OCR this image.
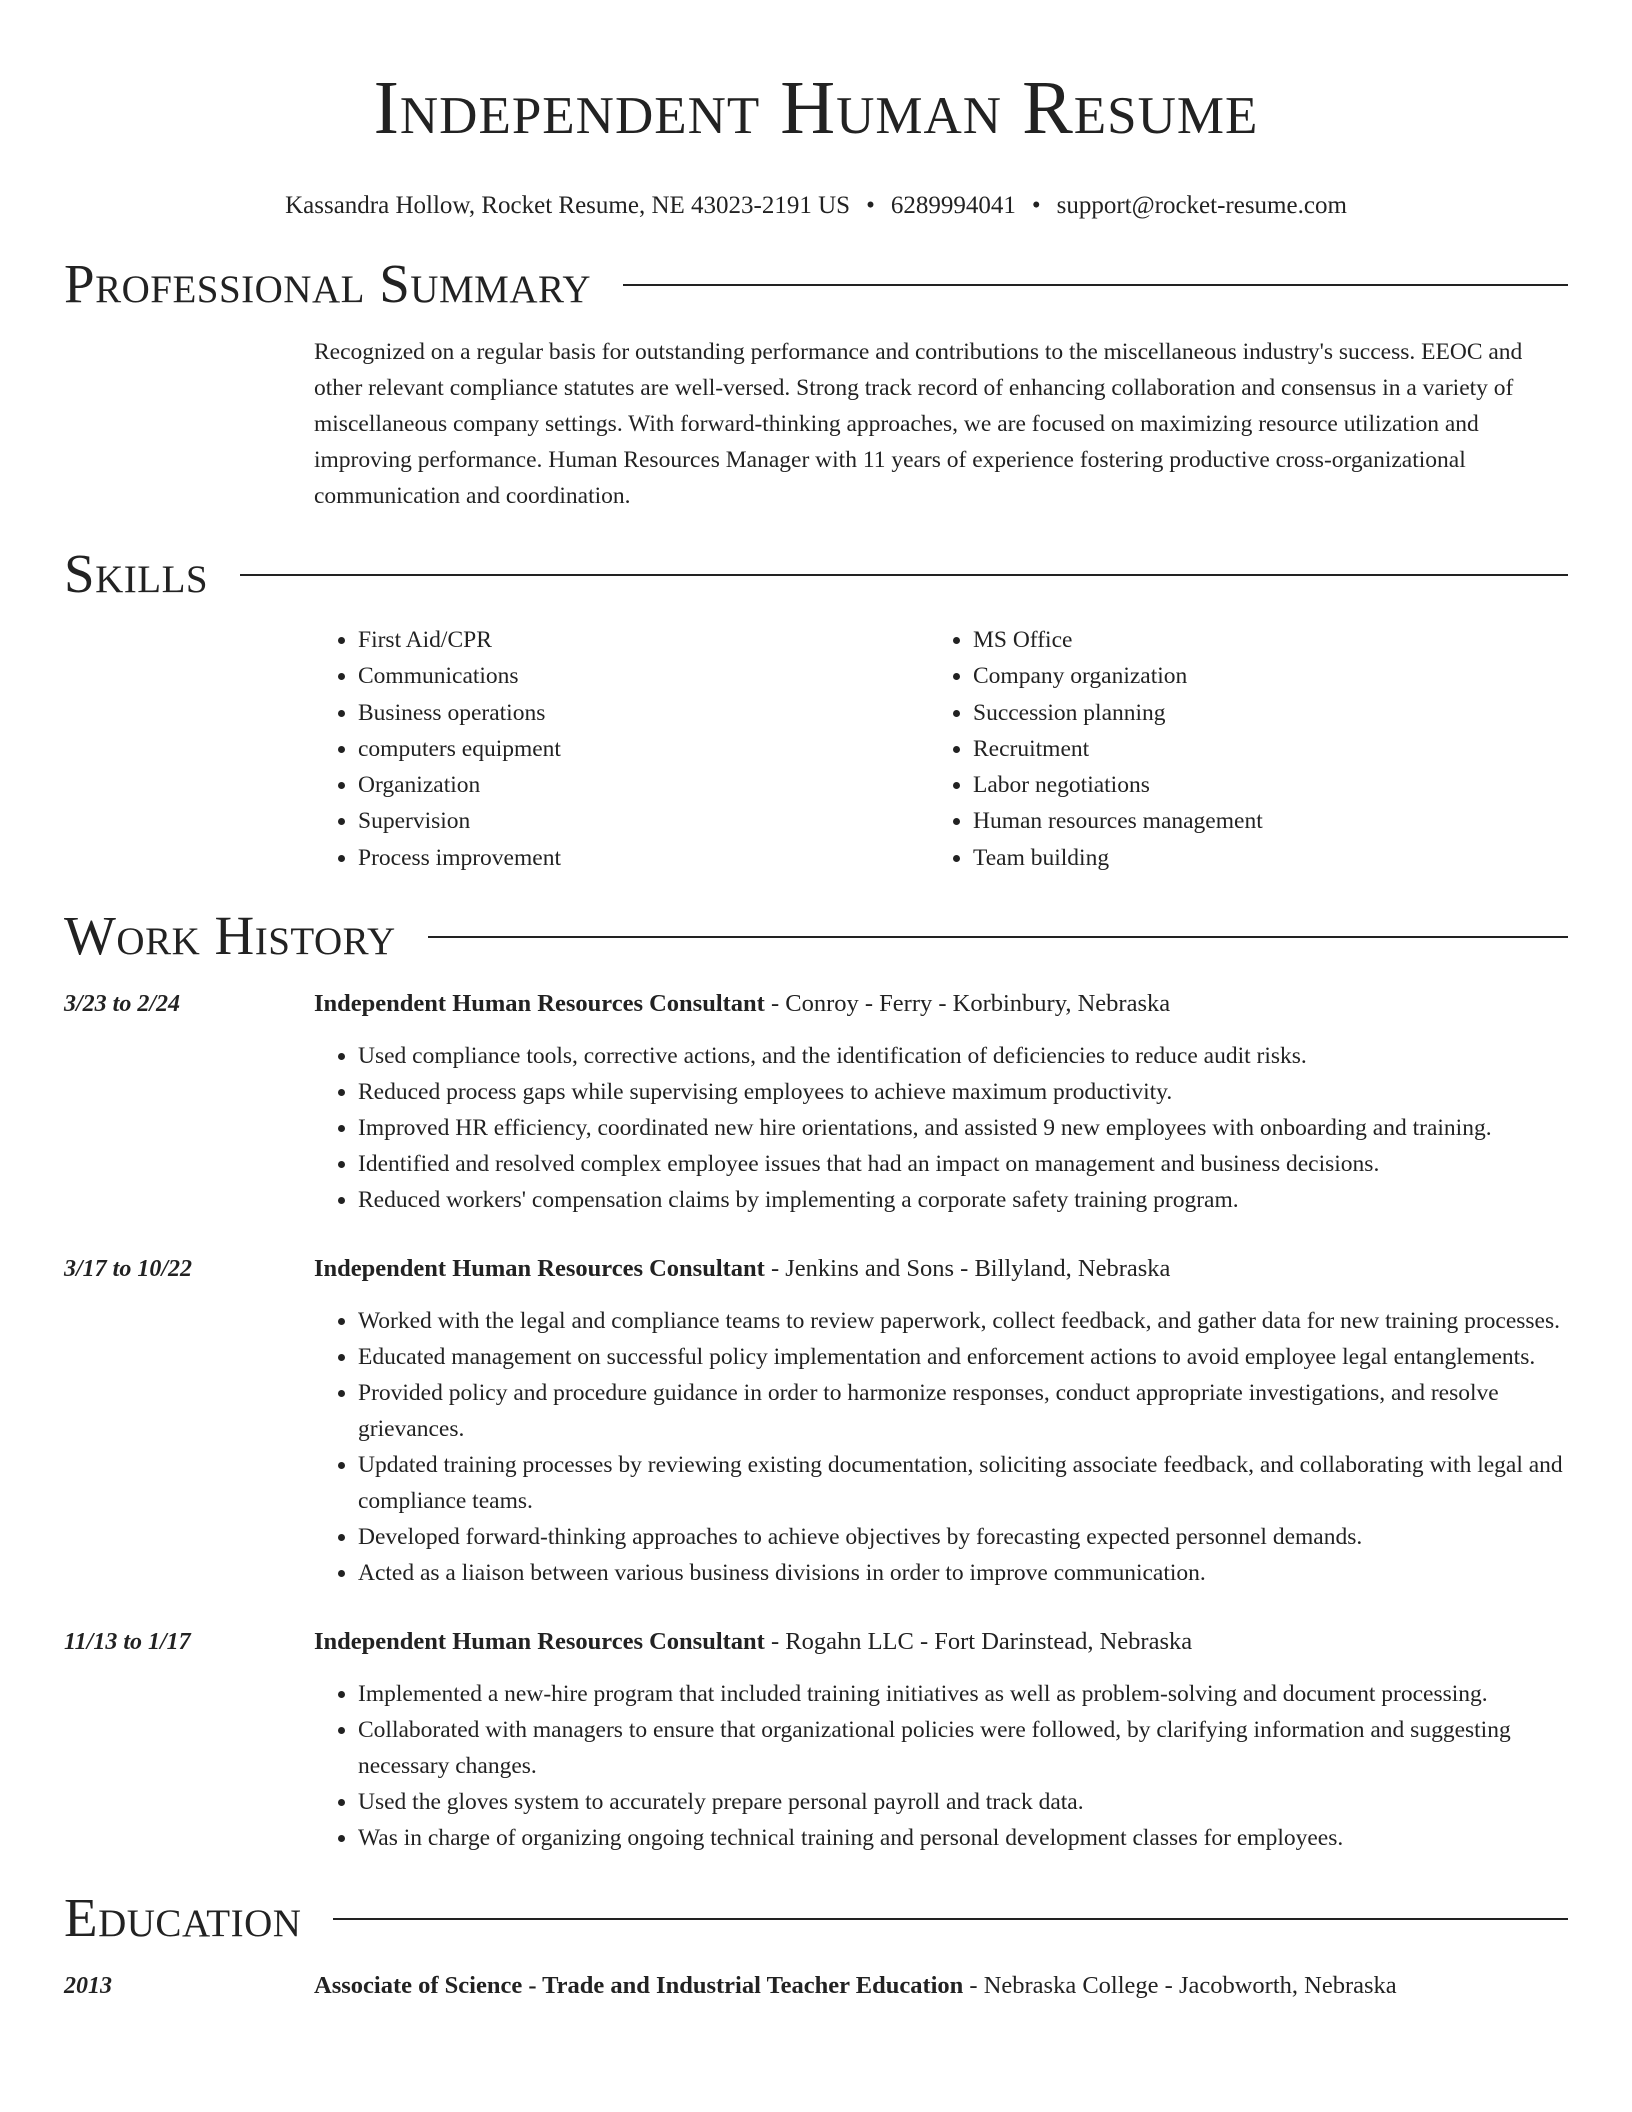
Independent Human Resume
Kassandra Hollow, Rocket Resume, NE 43023-2191 US • 6289994041 • support@rocket-resume.com
Professional Summary

Recognized on a regular basis for outstanding performance and contributions to the miscellaneous industry's success. EEOC and other relevant compliance statutes are well-versed. Strong track record of enhancing collaboration and consensus in a variety of miscellaneous company settings. With forward-thinking approaches, we are focused on maximizing resource utilization and improving performance. Human Resources Manager with 11 years of experience fostering productive cross-organizational communication and coordination.

Skills
• First Aid/CPR
• Communications
• Business operations
• computers equipment
• Organization
• Supervision
• Process improvement
• MS Office
• Company organization
• Succession planning
• Recruitment
• Labor negotiations
• Human resources management
• Team building
Work History
3/23 to 2/24	Independent Human Resources Consultant - Conroy - Ferry - Korbinbury, Nebraska
• Used compliance tools, corrective actions, and the identification of deficiencies to reduce audit risks.
• Reduced process gaps while supervising employees to achieve maximum productivity.
• Improved HR efficiency, coordinated new hire orientations, and assisted 9 new employees with onboarding and training.
• Identified and resolved complex employee issues that had an impact on management and business decisions.
• Reduced workers' compensation claims by implementing a corporate safety training program.
3/17 to 10/22	Independent Human Resources Consultant - Jenkins and Sons - Billyland, Nebraska
• Worked with the legal and compliance teams to review paperwork, collect feedback, and gather data for new training processes.
• Educated management on successful policy implementation and enforcement actions to avoid employee legal entanglements.
• Provided policy and procedure guidance in order to harmonize responses, conduct appropriate investigations, and resolve grievances.
• Updated training processes by reviewing existing documentation, soliciting associate feedback, and collaborating with legal and compliance teams.
• Developed forward-thinking approaches to achieve objectives by forecasting expected personnel demands.
• Acted as a liaison between various business divisions in order to improve communication.
11/13 to 1/17	Independent Human Resources Consultant - Rogahn LLC - Fort Darinstead, Nebraska
• Implemented a new-hire program that included training initiatives as well as problem-solving and document processing.
• Collaborated with managers to ensure that organizational policies were followed, by clarifying information and suggesting necessary changes.
• Used the gloves system to accurately prepare personal payroll and track data.
• Was in charge of organizing ongoing technical training and personal development classes for employees.
Education
2013	Associate of Science - Trade and Industrial Teacher Education - Nebraska College - Jacobworth, Nebraska
